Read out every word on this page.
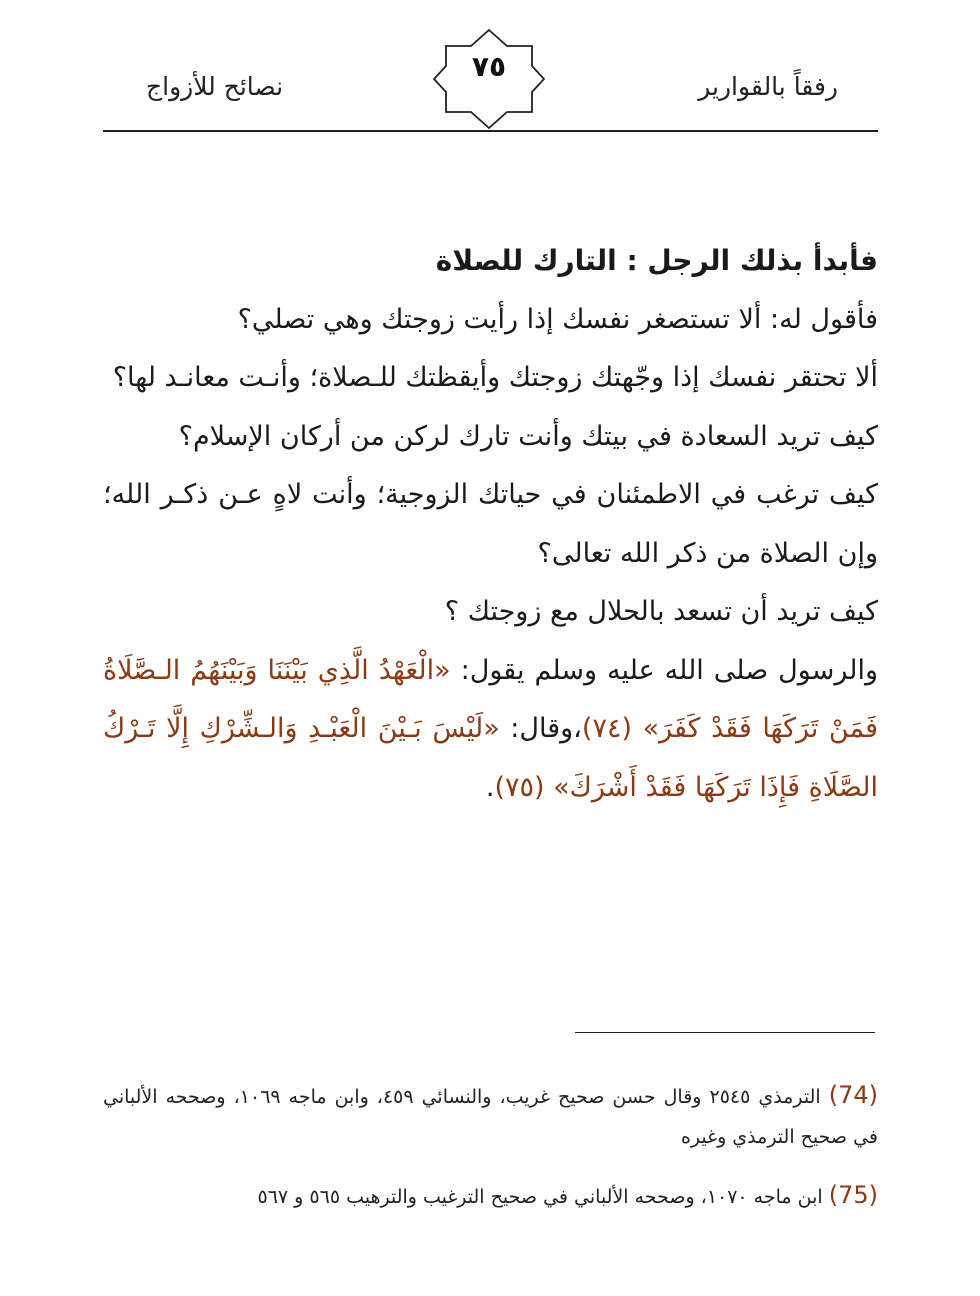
رفقاً بالقوارير
٧٥
نصائح للأزواج

فأبدأ بذلك الرجل : التارك للصلاة

فأقول له: ألا تستصغر نفسك إذا رأيت زوجتك وهي تصلي؟

ألا تحتقر نفسك إذا وجّهتك زوجتك وأيقظتك للـصلاة؛ وأنـت معانـد لها؟

كيف تريد السعادة في بيتك وأنت تارك لركن من أركان الإسلام؟

كيف ترغب في الاطمئنان في حياتك الزوجية؛ وأنت لاهٍ عـن ذكـر الله؛ وإن الصلاة من ذكر الله تعالى؟

كيف تريد أن تسعد بالحلال مع زوجتك ؟

والرسول صلى الله عليه وسلم يقول: «الْعَهْدُ الَّذِي بَيْنَنَا وَبَيْنَهُمُ الـصَّلَاةُ فَمَنْ تَرَكَهَا فَقَدْ كَفَرَ» (٧٤)،وقال: «لَيْسَ بَـيْنَ الْعَبْـدِ وَالـشِّرْكِ إِلَّا تَـرْكُ الصَّلَاةِ فَإِذَا تَرَكَهَا فَقَدْ أَشْرَكَ» (٧٥).

(74) الترمذي ٢٥٤٥ وقال حسن صحيح غريب، والنسائي ٤٥٩، وابن ماجه ١٠٦٩، وصححه الألباني في صحيح الترمذي وغيره

(75) ابن ماجه ١٠٧٠، وصححه الألباني في صحيح الترغيب والترهيب ٥٦٥ و ٥٦٧
